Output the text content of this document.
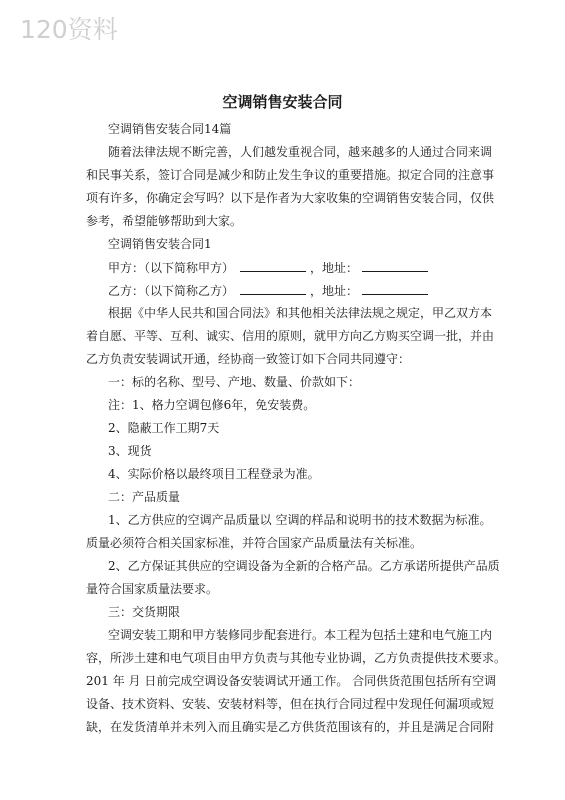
120资料
空调销售安装合同
空调销售安装合同14篇
随着法律法规不断完善，人们越发重视合同，越来越多的人通过合同来调
和民事关系，签订合同是减少和防止发生争议的重要措施。拟定合同的注意事
项有许多，你确定会写吗？以下是作者为大家收集的空调销售安装合同，仅供
参考，希望能够帮助到大家。
空调销售安装合同1
甲方：（以下简称甲方）	，地址：
乙方：（以下简称乙方）	，地址：
根据《中华人民共和国合同法》和其他相关法律法规之规定，甲乙双方本
着自愿、平等、互利、诚实、信用的原则，就甲方向乙方购买空调一批，并由
乙方负责安装调试开通，经协商一致签订如下合同共同遵守：
一：标的名称、型号、产地、数量、价款如下：
注：1、格力空调包修6年，免安装费。
2、隐蔽工作工期7天
3、现货
4、实际价格以最终项目工程登录为准。
二：产品质量
1、乙方供应的空调产品质量以 空调的样品和说明书的技术数据为标准。
质量必须符合相关国家标准，并符合国家产品质量法有关标准。
2、乙方保证其供应的空调设备为全新的合格产品。乙方承诺所提供产品质
量符合国家质量法要求。
三：交货期限
空调安装工期和甲方装修同步配套进行。本工程为包括土建和电气施工内
容，所涉土建和电气项目由甲方负责与其他专业协调，乙方负责提供技术要求。
201 年 月 日前完成空调设备安装调试开通工作。 合同供货范围包括所有空调
设备、技术资料、安装、安装材料等，但在执行合同过程中发现任何漏项或短
缺，在发货清单并未列入而且确实是乙方供货范围该有的，并且是满足合同附
